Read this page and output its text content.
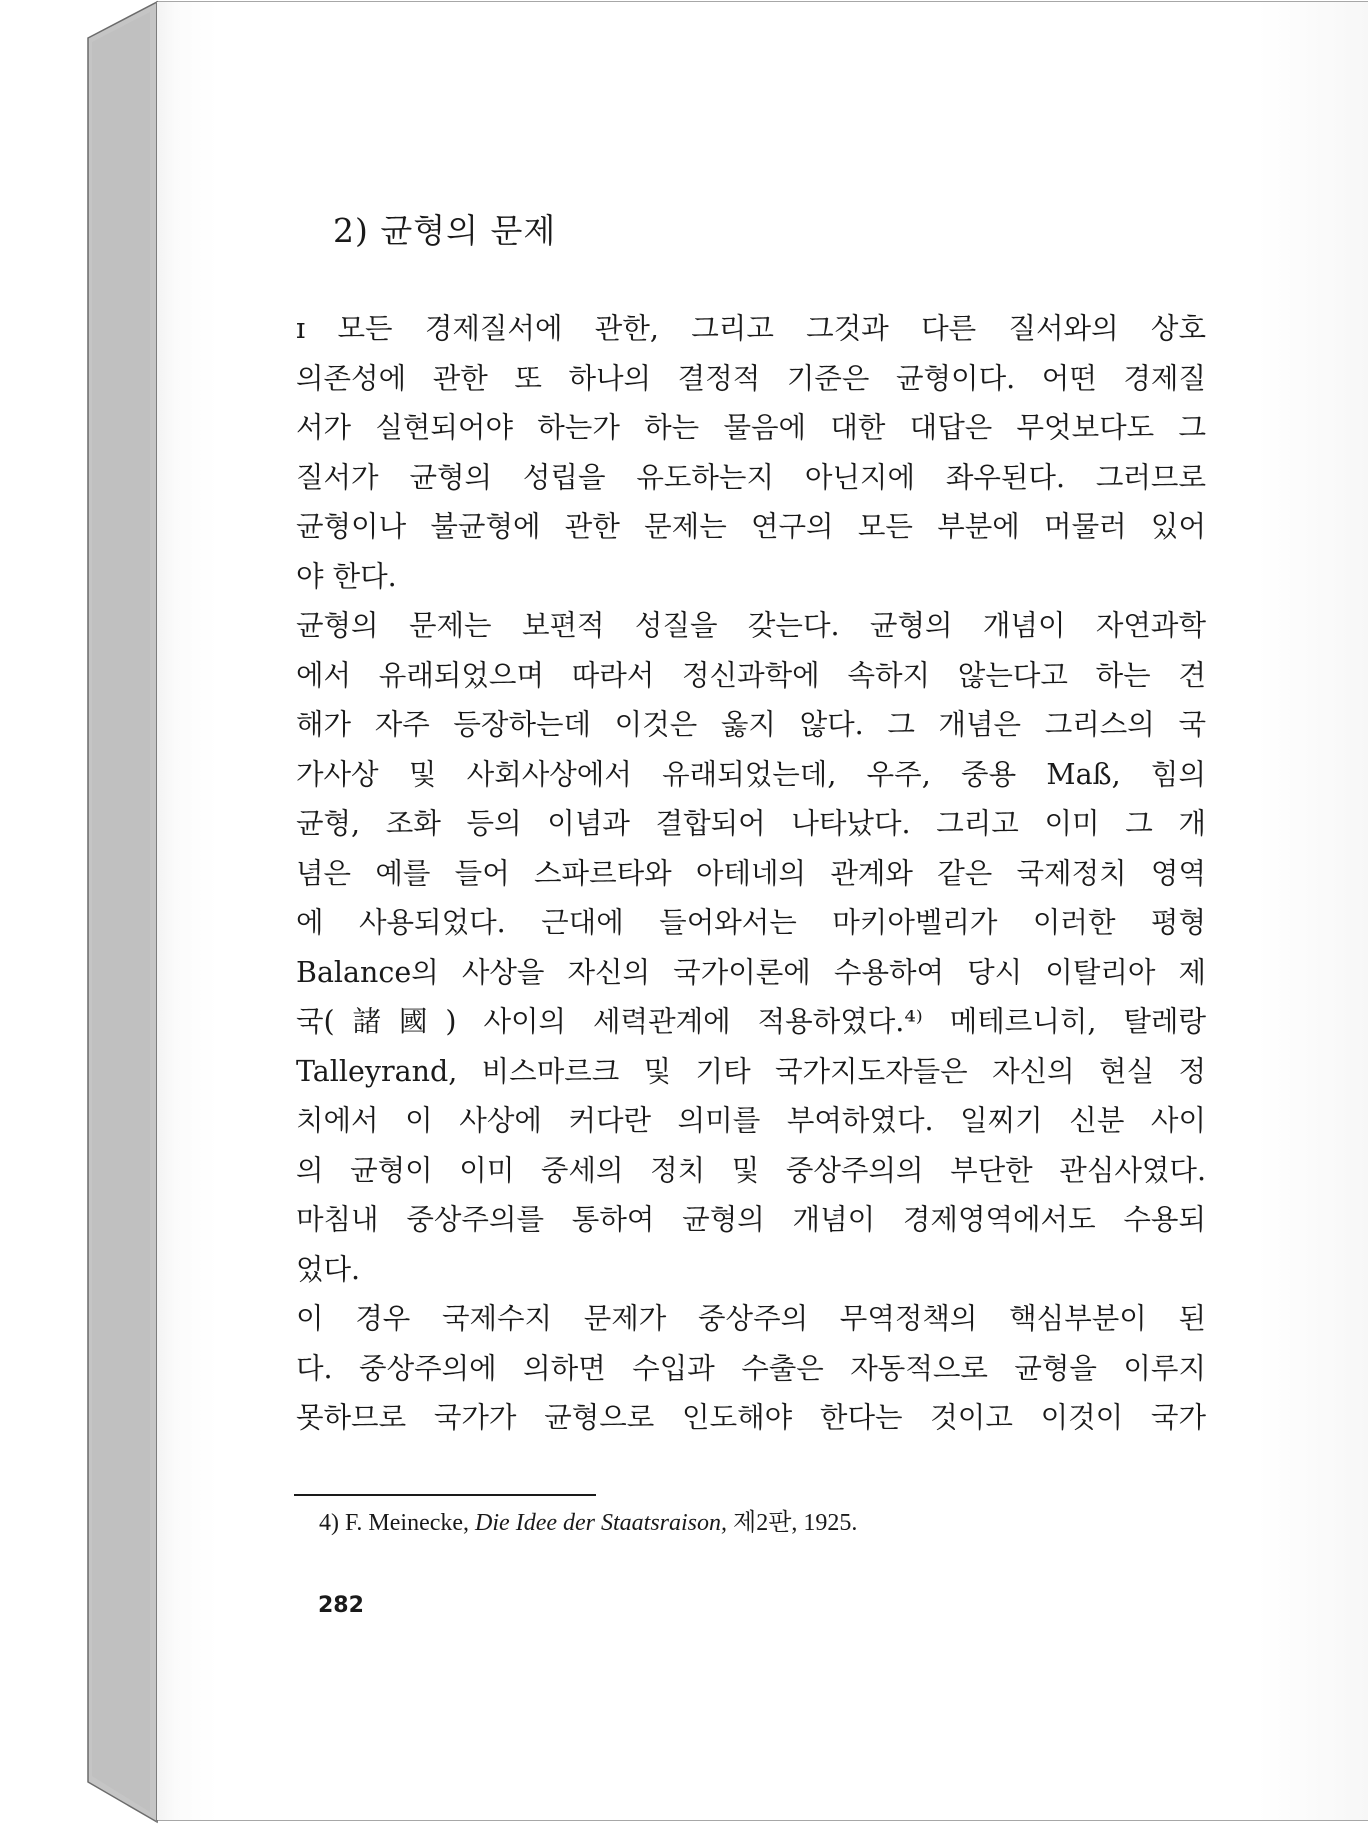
2) 균형의 문제
ɪ 모든 경제질서에 관한, 그리고 그것과 다른 질서와의 상호
의존성에 관한 또 하나의 결정적 기준은 균형이다. 어떤 경제질
서가 실현되어야 하는가 하는 물음에 대한 대답은 무엇보다도 그
질서가 균형의 성립을 유도하는지 아닌지에 좌우된다. 그러므로
균형이나 불균형에 관한 문제는 연구의 모든 부분에 머물러 있어
야 한다.
균형의 문제는 보편적 성질을 갖는다. 균형의 개념이 자연과학
에서 유래되었으며 따라서 정신과학에 속하지 않는다고 하는 견
해가 자주 등장하는데 이것은 옳지 않다. 그 개념은 그리스의 국
가사상 및 사회사상에서 유래되었는데, 우주, 중용 Maß, 힘의
균형, 조화 등의 이념과 결합되어 나타났다. 그리고 이미 그 개
념은 예를 들어 스파르타와 아테네의 관계와 같은 국제정치 영역
에 사용되었다. 근대에 들어와서는 마키아벨리가 이러한 평형
Balance의 사상을 자신의 국가이론에 수용하여 당시 이탈리아 제
국(諸國) 사이의 세력관계에 적용하였다.⁴⁾ 메테르니히, 탈레랑
Talleyrand, 비스마르크 및 기타 국가지도자들은 자신의 현실 정
치에서 이 사상에 커다란 의미를 부여하였다. 일찌기 신분 사이
의 균형이 이미 중세의 정치 및 중상주의의 부단한 관심사였다.
마침내 중상주의를 통하여 균형의 개념이 경제영역에서도 수용되
었다.
이 경우 국제수지 문제가 중상주의 무역정책의 핵심부분이 된
다. 중상주의에 의하면 수입과 수출은 자동적으로 균형을 이루지
못하므로 국가가 균형으로 인도해야 한다는 것이고 이것이 국가
4) F. Meinecke, Die Idee der Staatsraison, 제2판, 1925.
282
